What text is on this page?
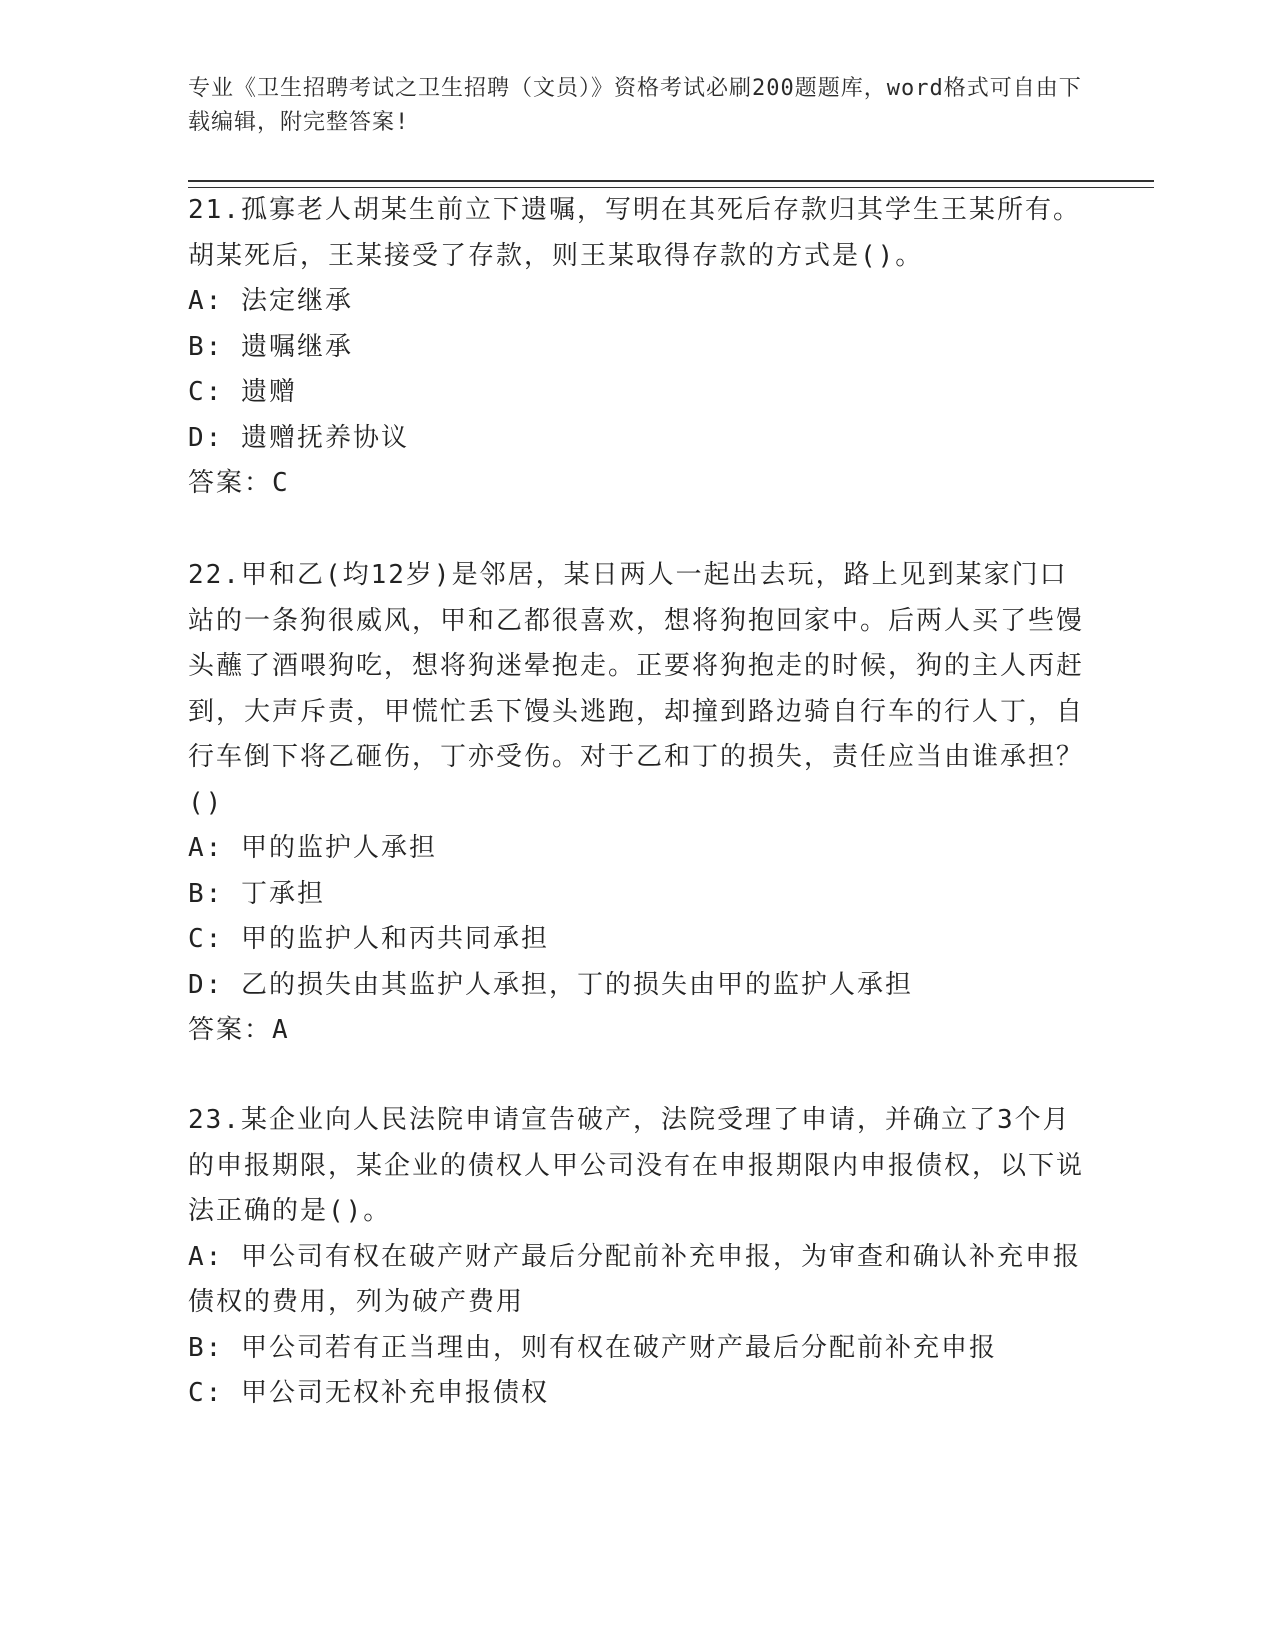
专业《卫生招聘考试之卫生招聘（文员）》资格考试必刷200题题库，word格式可自由下载编辑，附完整答案!

21.孤寡老人胡某生前立下遗嘱，写明在其死后存款归其学生王某所有。胡某死后，王某接受了存款，则王某取得存款的方式是()。

A: 法定继承

B: 遗嘱继承

C: 遗赠

D: 遗赠抚养协议

答案：C

22.甲和乙(均12岁)是邻居，某日两人一起出去玩，路上见到某家门口站的一条狗很威风，甲和乙都很喜欢，想将狗抱回家中。后两人买了些馒头蘸了酒喂狗吃，想将狗迷晕抱走。正要将狗抱走的时候，狗的主人丙赶到，大声斥责，甲慌忙丢下馒头逃跑，却撞到路边骑自行车的行人丁，自行车倒下将乙砸伤，丁亦受伤。对于乙和丁的损失，责任应当由谁承担？()

A: 甲的监护人承担

B: 丁承担

C: 甲的监护人和丙共同承担

D: 乙的损失由其监护人承担，丁的损失由甲的监护人承担

答案：A

23.某企业向人民法院申请宣告破产，法院受理了申请，并确立了3个月的申报期限，某企业的债权人甲公司没有在申报期限内申报债权，以下说法正确的是()。

A: 甲公司有权在破产财产最后分配前补充申报，为审查和确认补充申报债权的费用，列为破产费用

B: 甲公司若有正当理由，则有权在破产财产最后分配前补充申报

C: 甲公司无权补充申报债权
